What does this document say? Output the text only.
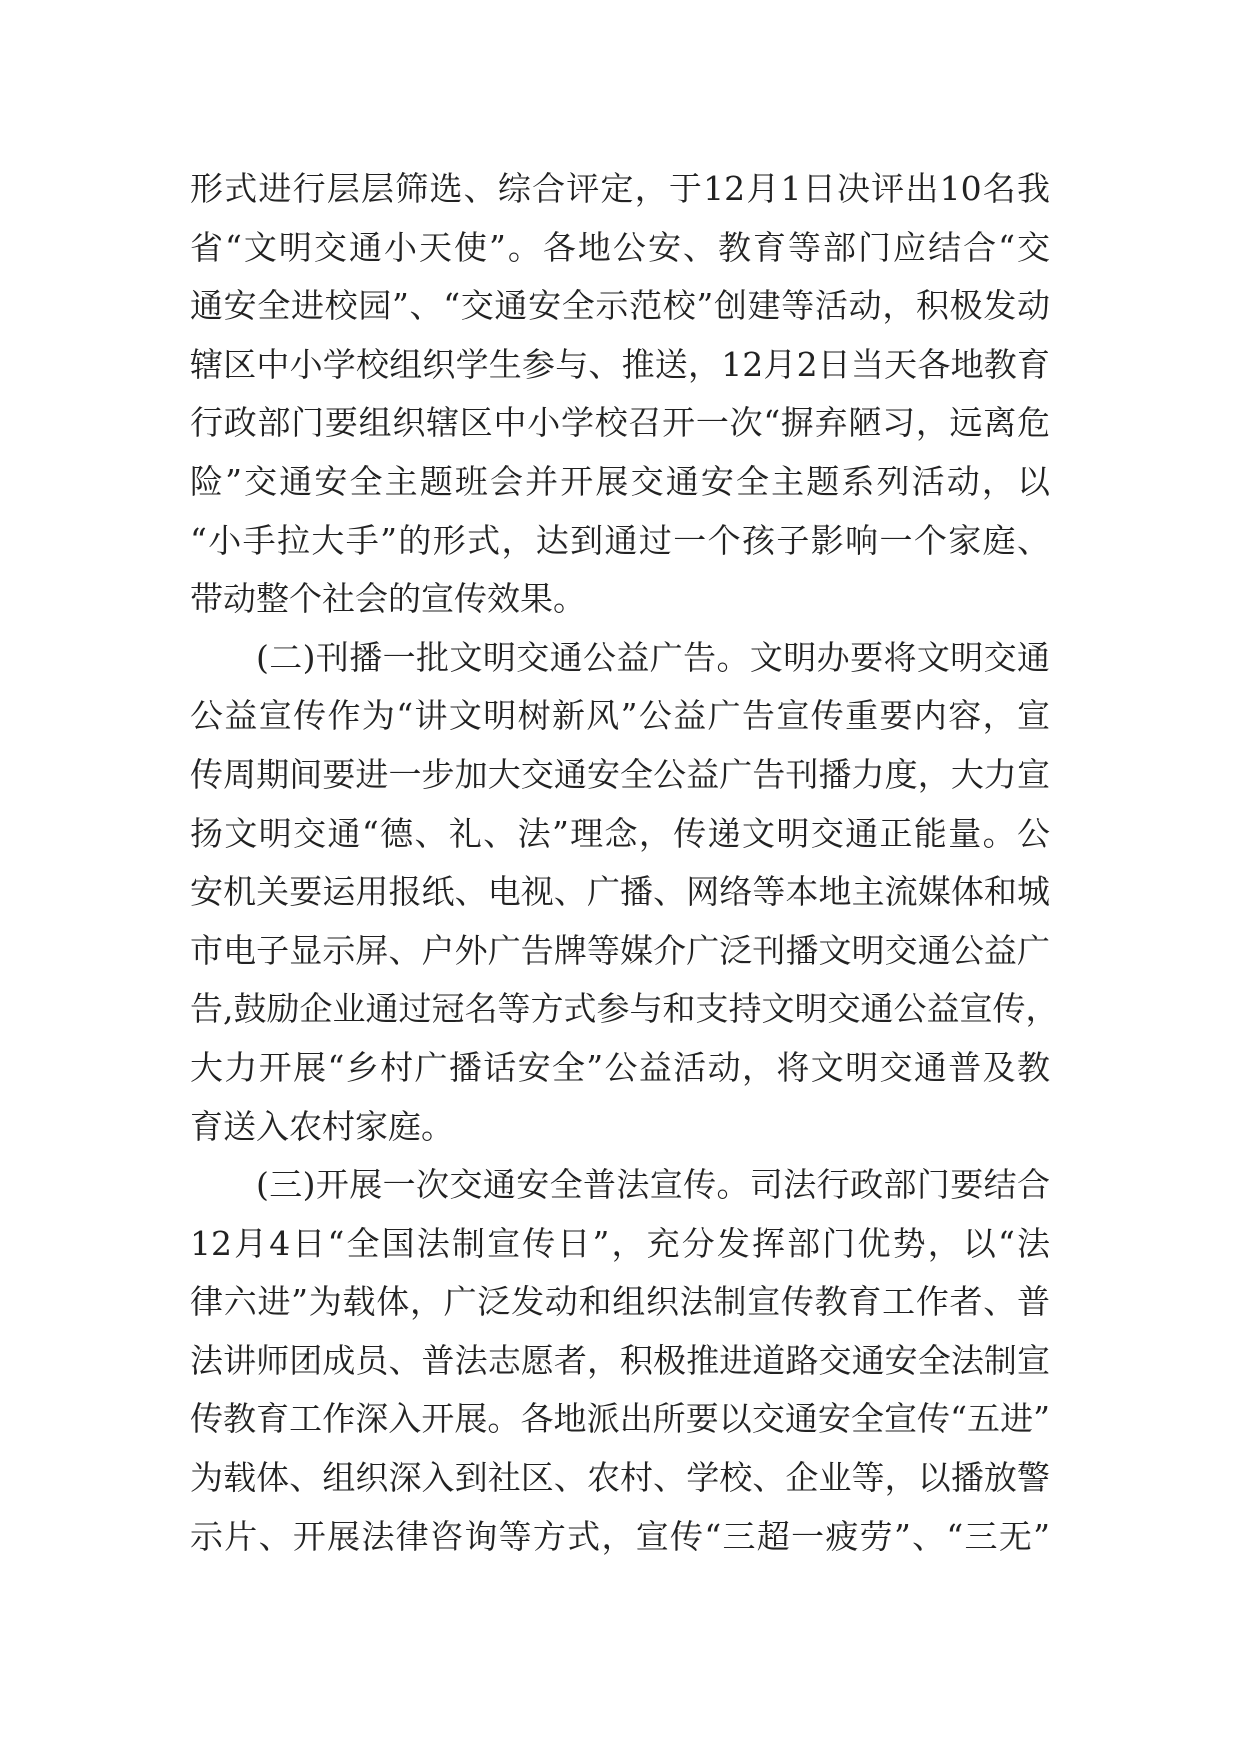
形式进行层层筛选、综合评定，于12月1日决评出10名我
省“文明交通小天使”。各地公安、教育等部门应结合“交
通安全进校园”、“交通安全示范校”创建等活动，积极发动
辖区中小学校组织学生参与、推送，12月2日当天各地教育
行政部门要组织辖区中小学校召开一次“摒弃陋习，远离危
险”交通安全主题班会并开展交通安全主题系列活动，以
“小手拉大手”的形式，达到通过一个孩子影响一个家庭、
带动整个社会的宣传效果。
(二)刊播一批文明交通公益广告。文明办要将文明交通
公益宣传作为“讲文明树新风”公益广告宣传重要内容，宣
传周期间要进一步加大交通安全公益广告刊播力度，大力宣
扬文明交通“德、礼、法”理念，传递文明交通正能量。公
安机关要运用报纸、电视、广播、网络等本地主流媒体和城
市电子显示屏、户外广告牌等媒介广泛刊播文明交通公益广
告,鼓励企业通过冠名等方式参与和支持文明交通公益宣传，
大力开展“乡村广播话安全”公益活动，将文明交通普及教
育送入农村家庭。
(三)开展一次交通安全普法宣传。司法行政部门要结合
12月4日“全国法制宣传日”，充分发挥部门优势，以“法
律六进”为载体，广泛发动和组织法制宣传教育工作者、普
法讲师团成员、普法志愿者，积极推进道路交通安全法制宣
传教育工作深入开展。各地派出所要以交通安全宣传“五进”
为载体、组织深入到社区、农村、学校、企业等，以播放警
示片、开展法律咨询等方式，宣传“三超一疲劳”、“三无”
